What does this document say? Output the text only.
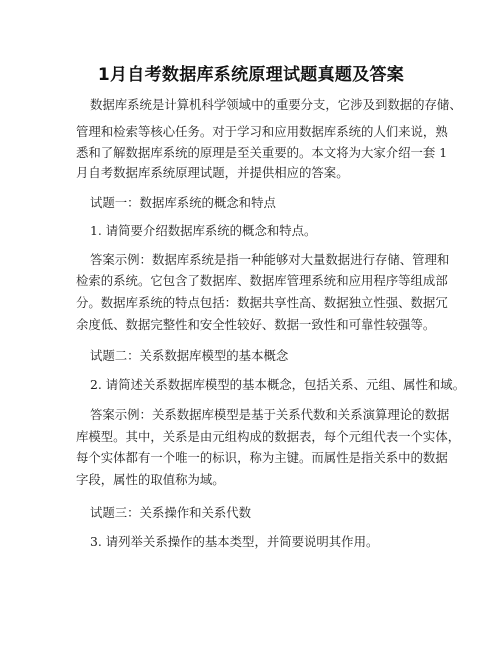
1月自考数据库系统原理试题真题及答案
数据库系统是计算机科学领域中的重要分支，它涉及到数据的存储、
管理和检索等核心任务。对于学习和应用数据库系统的人们来说，熟
悉和了解数据库系统的原理是至关重要的。本文将为大家介绍一套 1
月自考数据库系统原理试题，并提供相应的答案。
试题一：数据库系统的概念和特点
1. 请简要介绍数据库系统的概念和特点。
答案示例：数据库系统是指一种能够对大量数据进行存储、管理和
检索的系统。它包含了数据库、数据库管理系统和应用程序等组成部
分。数据库系统的特点包括：数据共享性高、数据独立性强、数据冗
余度低、数据完整性和安全性较好、数据一致性和可靠性较强等。
试题二：关系数据库模型的基本概念
2. 请简述关系数据库模型的基本概念，包括关系、元组、属性和域。
答案示例：关系数据库模型是基于关系代数和关系演算理论的数据
库模型。其中，关系是由元组构成的数据表，每个元组代表一个实体，
每个实体都有一个唯一的标识，称为主键。而属性是指关系中的数据
字段，属性的取值称为域。
试题三：关系操作和关系代数
3. 请列举关系操作的基本类型，并简要说明其作用。
